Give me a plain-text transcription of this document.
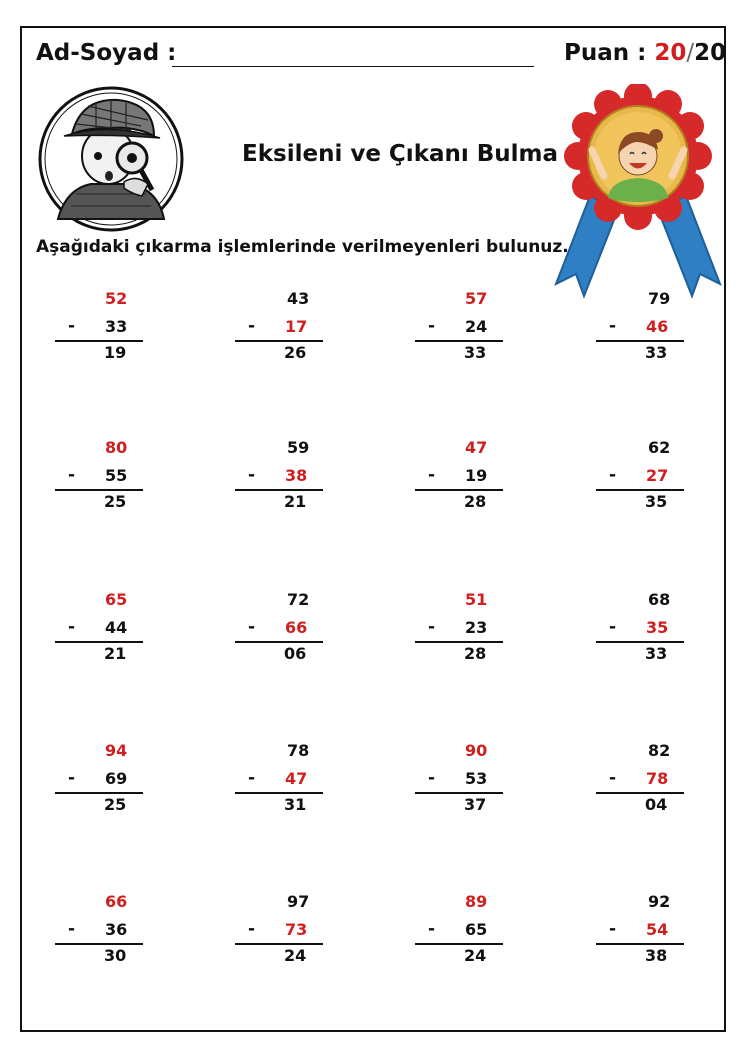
Ad-Soyad :	Puan : 20/20
Eksileni ve Çıkanı Bulma
Aşağıdaki çıkarma işlemlerinde verilmeyenleri bulunuz.
52
33
19
-
43
17
26
-
57
24
33
-
79
46
33
-
80
55
25
-
59
38
21
-
47
19
28
-
62
27
35
-
65
44
21
-
72
66
06
-
51
23
28
-
68
35
33
-
94
69
25
-
78
47
31
-
90
53
37
-
82
78
04
-
66
36
30
-
97
73
24
-
89
65
24
-
92
54
38
-
